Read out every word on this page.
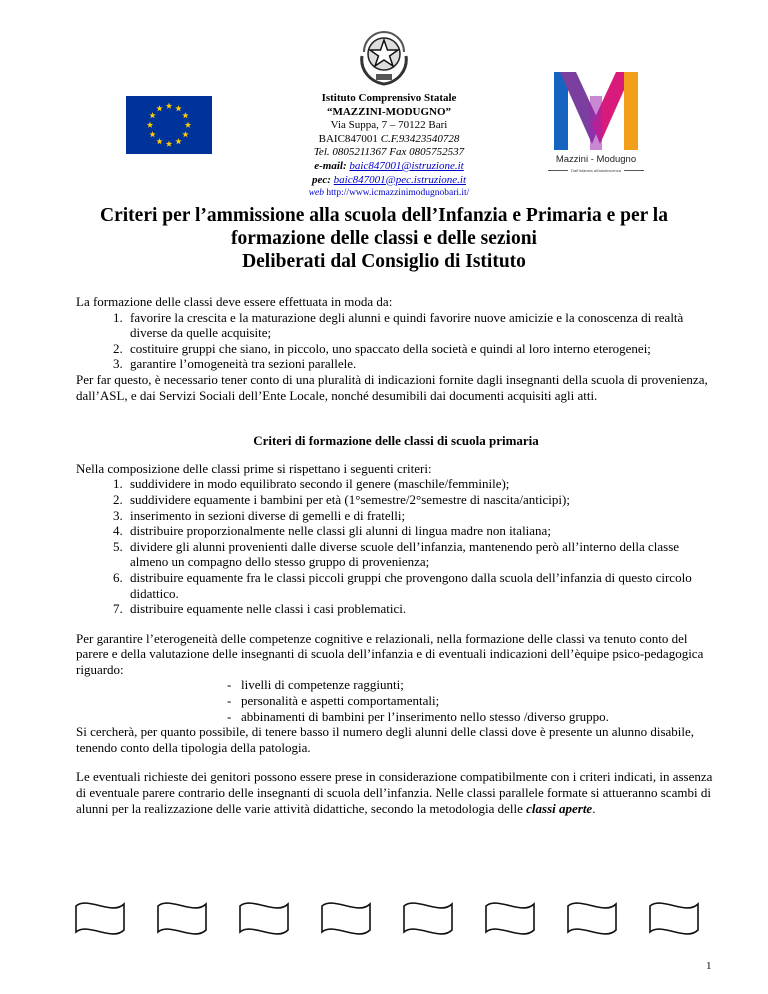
Istituto Comprensivo Statale
“MAZZINI-MODUGNO”
Via Suppa, 7 – 70122 Bari
BAIC847001 C.F.93423540728
Tel. 0805211367 Fax 0805752537
e-mail: baic847001@istruzione.it
pec: baic847001@pec.istruzione.it
web http://www.icmazzinimodugnobari.it/
Mazzini - Modugno
Dall'Infanzia all'adolescenza
Criteri per l’ammissione alla scuola dell’Infanzia e Primaria e per la
formazione delle classi e delle sezioni
Deliberati dal Consiglio di Istituto

La formazione delle classi deve essere effettuata in moda da:

1. favorire la crescita e la maturazione degli alunni e quindi favorire nuove amicizie e la conoscenza di realtà diverse da quelle acquisite;
2. costituire gruppi che siano, in piccolo, uno spaccato della società e quindi al loro interno eterogenei;
3. garantire l’omogeneità tra sezioni parallele.

Per far questo, è necessario tener conto di una pluralità di indicazioni fornite dagli insegnanti della scuola di provenienza, dall’ASL, e dai Servizi Sociali dell’Ente Locale, nonché desumibili dai documenti acquisiti agli atti.

Criteri di formazione delle classi di scuola primaria

Nella composizione delle classi prime si rispettano i seguenti criteri:

1. suddividere in modo equilibrato secondo il genere (maschile/femminile);
2. suddividere equamente i bambini per età (1°semestre/2°semestre di nascita/anticipi);
3. inserimento in sezioni diverse di gemelli e di fratelli;
4. distribuire proporzionalmente nelle classi gli alunni di lingua madre non italiana;
5. dividere gli alunni provenienti dalle diverse scuole dell’infanzia, mantenendo però all’interno della classe almeno un compagno dello stesso gruppo di provenienza;
6. distribuire equamente fra le classi piccoli gruppi che provengono dalla scuola dell’infanzia di questo circolo didattico.
7. distribuire equamente nelle classi i casi problematici.

Per garantire l’eterogeneità delle competenze cognitive e relazionali, nella formazione delle classi va tenuto conto del parere e della valutazione delle insegnanti di scuola dell’infanzia e di eventuali indicazioni dell’èquipe psico-pedagogica riguardo:

- livelli di competenze raggiunti;
- personalità e aspetti comportamentali;
- abbinamenti di bambini per l’inserimento nello stesso /diverso gruppo.

Si cercherà, per quanto possibile, di tenere basso il numero degli alunni delle classi dove è presente un alunno disabile, tenendo conto della tipologia della patologia.

Le eventuali richieste dei genitori possono essere prese in considerazione compatibilmente con i criteri indicati, in assenza di eventuale parere contrario delle insegnanti di scuola dell’infanzia. Nelle classi parallele formate si attueranno scambi di alunni per la realizzazione delle varie attività didattiche, secondo la metodologia delle classi aperte.

1
